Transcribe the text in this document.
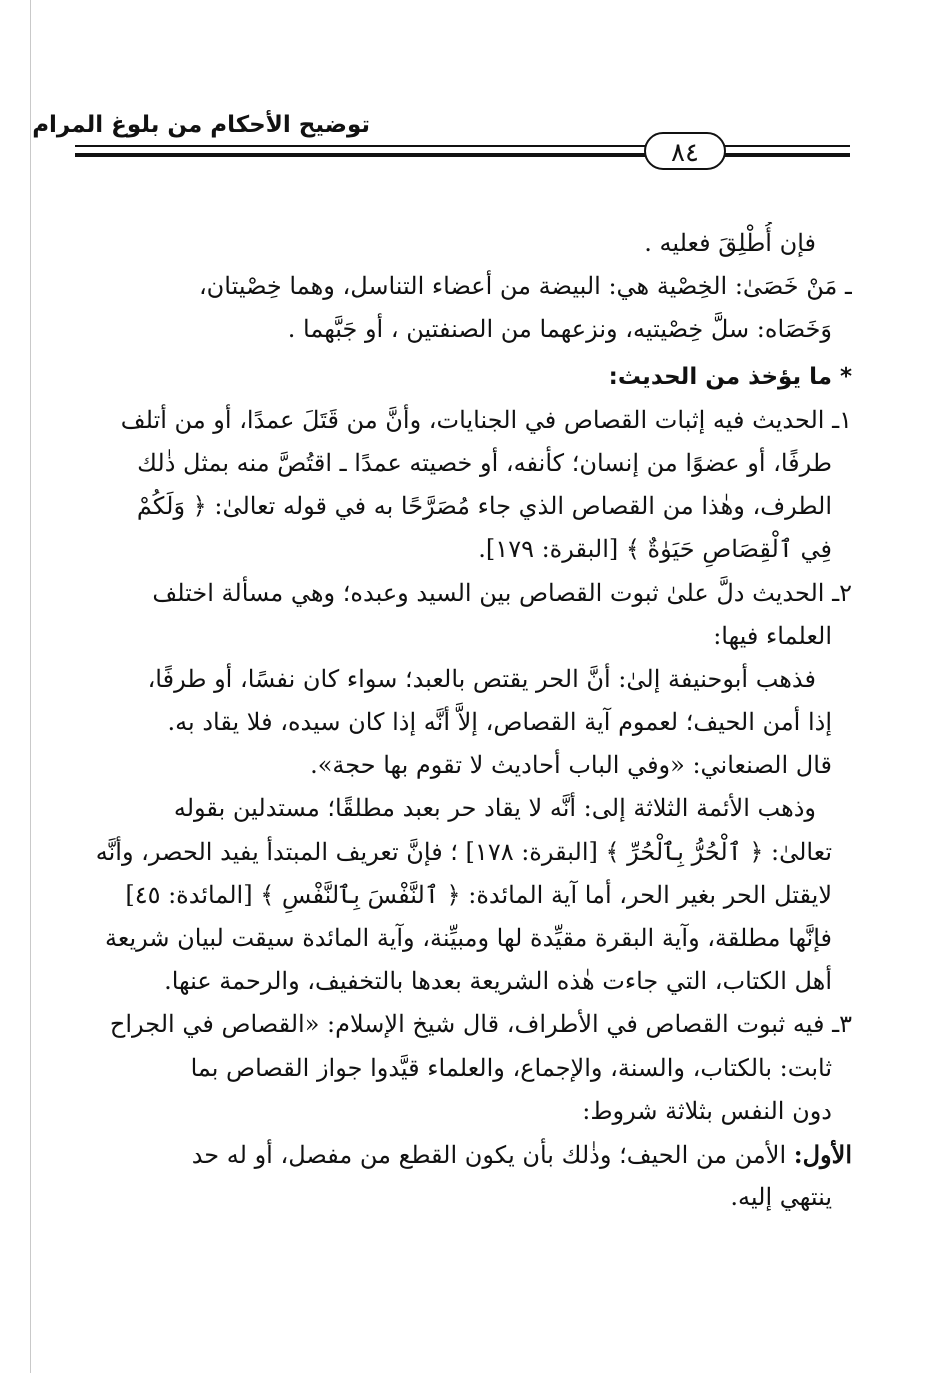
توضيح الأحكام من بلوغ المرام
٨٤
فإن أُطْلِقَ فعليه .
ـ مَنْ خَصَىٰ: الخِصْية هي: البيضة من أعضاء التناسل، وهما خِصْيتان،
وَخَصَاه: سلَّ خِصْيتيه، ونزعهما من الصنفتين ، أو جَبَّهما .
* ما يؤخذ من الحديث:
١ـ الحديث فيه إثبات القصاص في الجنايات، وأنَّ من قَتَلَ عمدًا، أو من أتلف
طرفًا، أو عضوًا من إنسان؛ كأنفه، أو خصيته عمدًا ـ اقتُصَّ منه بمثل ذٰلك
الطرف، وهٰذا من القصاص الذي جاء مُصَرَّحًا به في قوله تعالىٰ: ﴿ وَلَكُمْ
فِي ٱلْقِصَاصِ حَيَوٰةٌ ﴾ [البقرة: ١٧٩].
٢ـ الحديث دلَّ علىٰ ثبوت القصاص بين السيد وعبده؛ وهي مسألة اختلف
العلماء فيها:
فذهب أبوحنيفة إلىٰ: أنَّ الحر يقتص بالعبد؛ سواء كان نفسًا، أو طرفًا،
إذا أمن الحيف؛ لعموم آية القصاص، إلاَّ أنَّه إذا كان سيده، فلا يقاد به.
قال الصنعاني: «وفي الباب أحاديث لا تقوم بها حجة».
وذهب الأئمة الثلاثة إلى: أنَّه لا يقاد حر بعبد مطلقًا؛ مستدلين بقوله
تعالىٰ: ﴿ ٱلْحُرُّ بِٱلْحُرِّ ﴾ [البقرة: ١٧٨] ؛ فإنَّ تعريف المبتدأ يفيد الحصر، وأنَّه
لايقتل الحر بغير الحر، أما آية المائدة: ﴿ ٱلنَّفْسَ بِٱلنَّفْسِ ﴾ [المائدة: ٤٥]
فإنَّها مطلقة، وآية البقرة مقيِّدة لها ومبيِّنة، وآية المائدة سيقت لبيان شريعة
أهل الكتاب، التي جاءت هٰذه الشريعة بعدها بالتخفيف، والرحمة عنها.
٣ـ فيه ثبوت القصاص في الأطراف، قال شيخ الإسلام: «القصاص في الجراح
ثابت: بالكتاب، والسنة، والإجماع، والعلماء قيَّدوا جواز القصاص بما
دون النفس بثلاثة شروط:
الأول: الأمن من الحيف؛ وذٰلك بأن يكون القطع من مفصل، أو له حد
ينتهي إليه.
